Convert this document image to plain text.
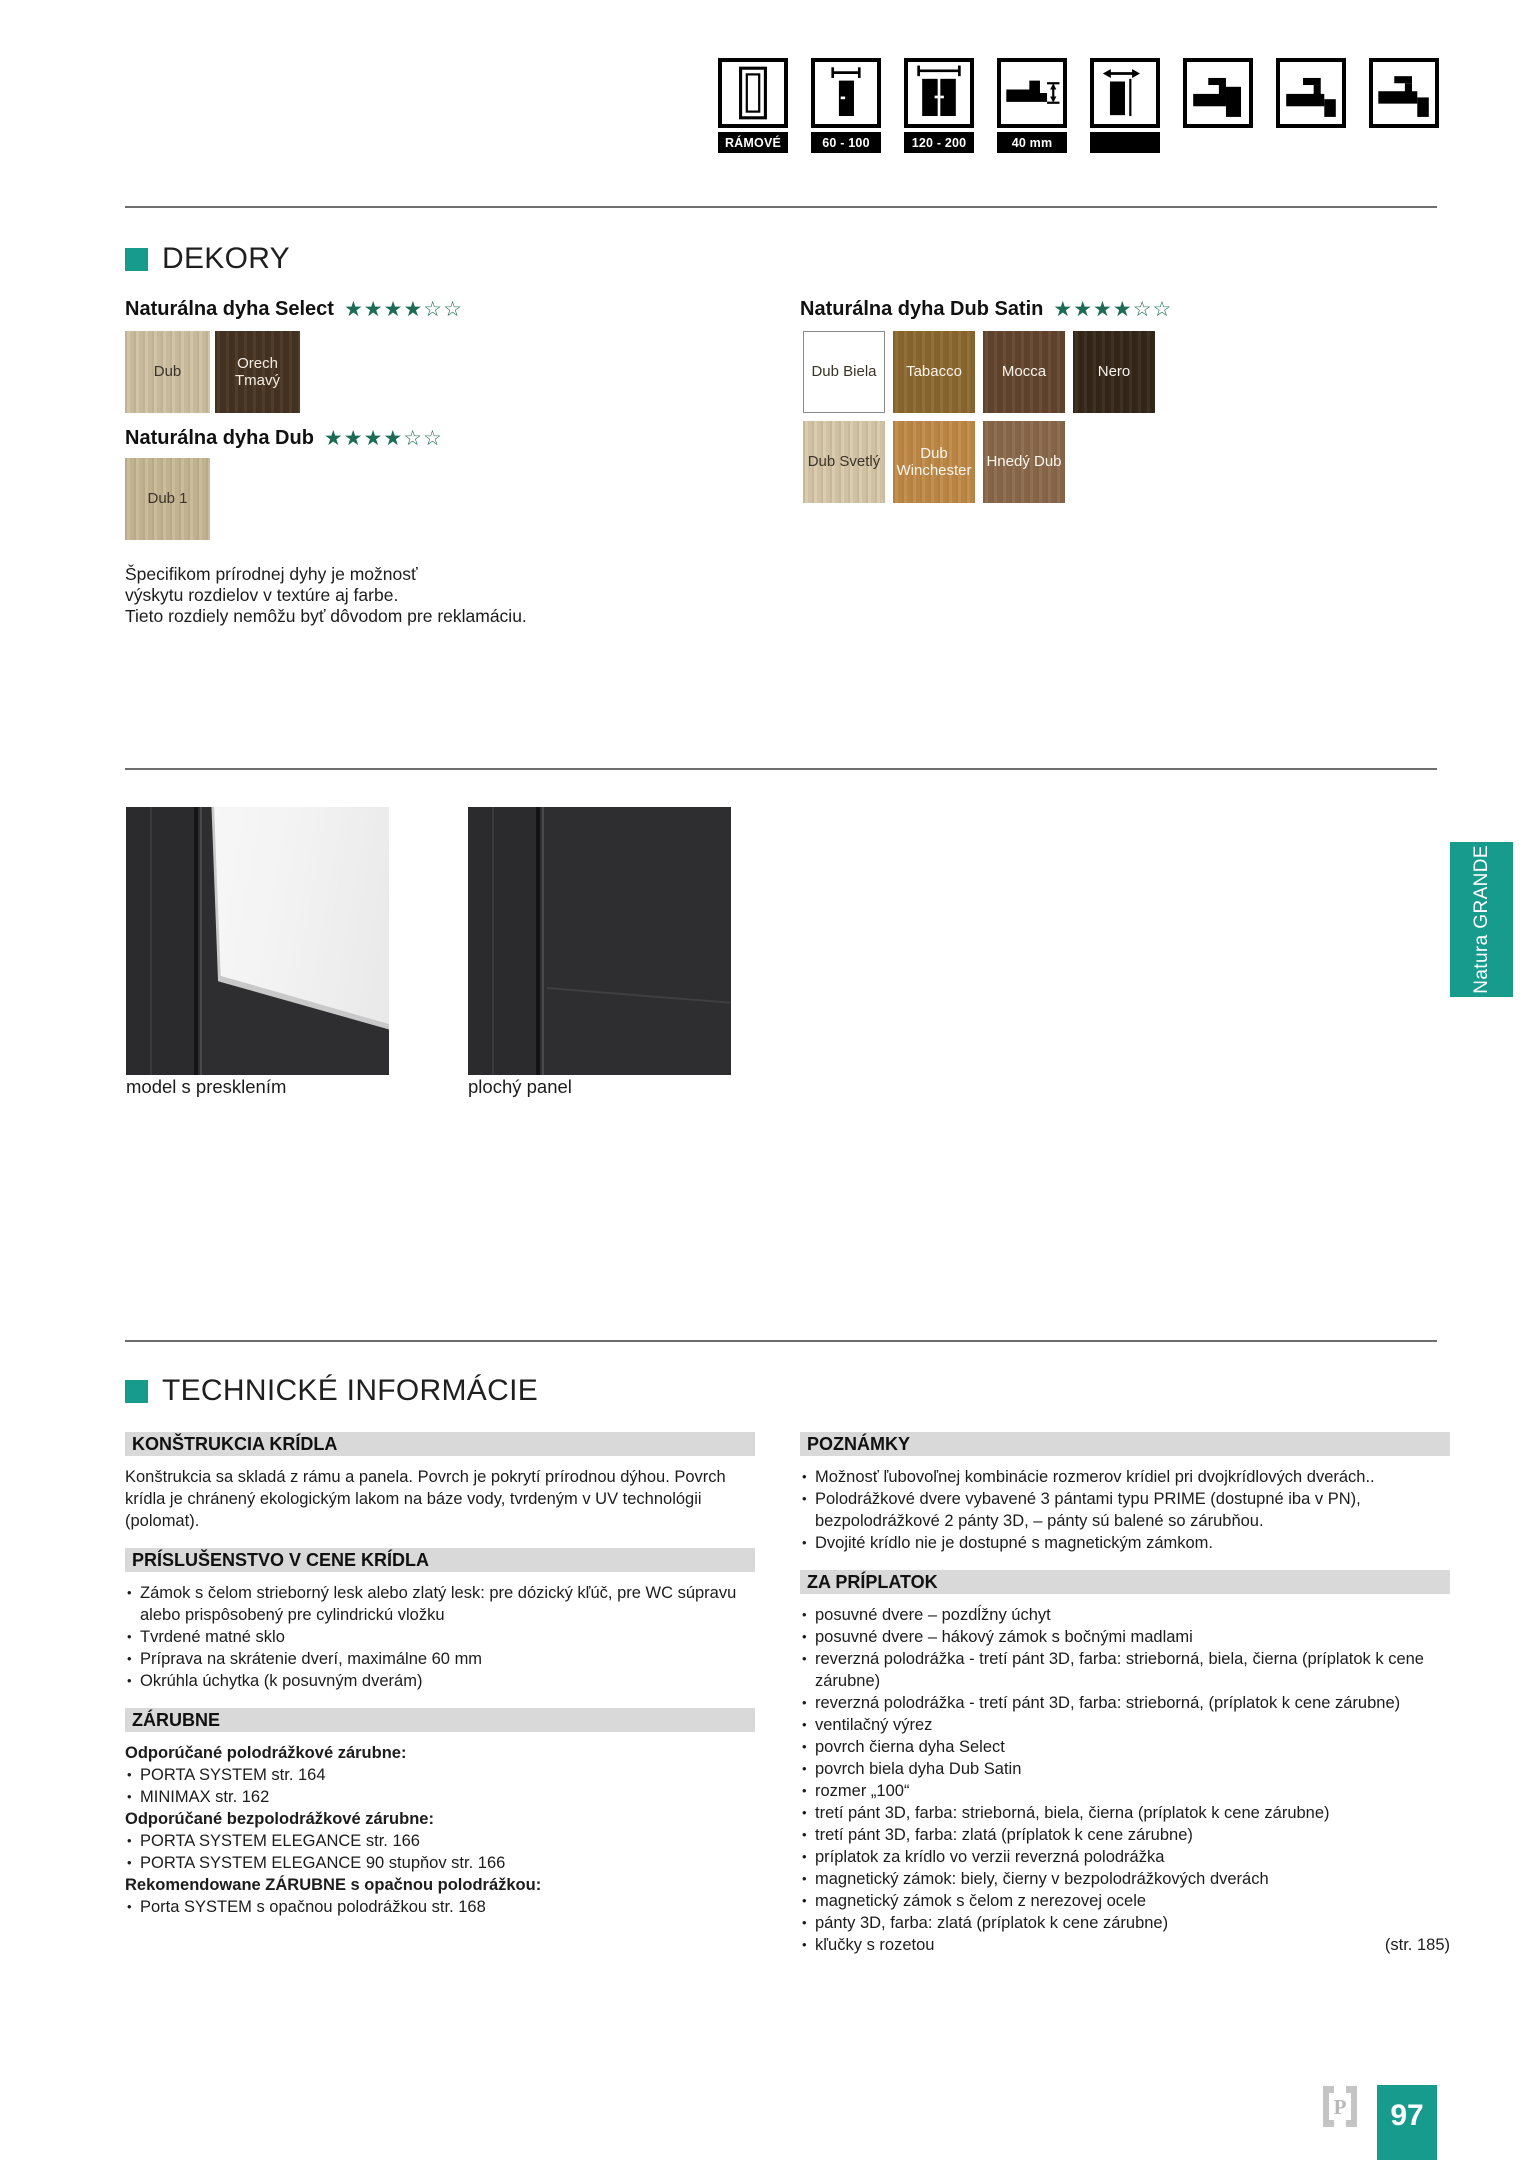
RÁMOVÉ	60 - 100	120 - 200	40 mm
DEKORY
Naturálna dyha Select ★★★★☆☆
Dub
Orech Tmavý
Naturálna dyha Dub ★★★★☆☆
Dub 1
Naturálna dyha Dub Satin ★★★★☆☆
Dub Biela Tabacco	Mocca	Nero
Dub Svetlý
Dub Winchester
Hnedý Dub
Špecifikom prírodnej dyhy je možnosť
výskytu rozdielov v textúre aj farbe.
Tieto rozdiely nemôžu byť dôvodom pre reklamáciu.
model s presklením	plochý panel
Natura GRANDE
TECHNICKÉ INFORMÁCIE
KONŠTRUKCIA KRÍDLA

Konštrukcia sa skladá z rámu a panela. Povrch je pokrytí prírodnou dýhou. Povrch krídla je chránený ekologickým lakom na báze vody, tvrdeným v UV technológii (polomat).

PRÍSLUŠENSTVO V CENE KRÍDLA
• Zámok s čelom strieborný lesk alebo zlatý lesk: pre dózický kľúč, pre WC súpravu alebo prispôsobený pre cylindrickú vložku
• Tvrdené matné sklo
• Príprava na skrátenie dverí, maximálne 60 mm
• Okrúhla úchytka (k posuvným dverám)
ZÁRUBNE
Odporúčané polodrážkové zárubne:
• PORTA SYSTEM str. 164
• MINIMAX str. 162
Odporúčané bezpolodrážkové zárubne:
• PORTA SYSTEM ELEGANCE str. 166
• PORTA SYSTEM ELEGANCE 90 stupňov str. 166
Rekomendowane ZÁRUBNE s opačnou polodrážkou:
• Porta SYSTEM s opačnou polodrážkou str. 168
POZNÁMKY
• Možnosť ľubovoľnej kombinácie rozmerov krídiel pri dvojkrídlových dverách..
• Polodrážkové dvere vybavené 3 pántami typu PRIME (dostupné iba v PN), bezpolodrážkové 2 pánty 3D, – pánty sú balené so zárubňou.
• Dvojité krídlo nie je dostupné s magnetickým zámkom.
ZA PRÍPLATOK
• posuvné dvere – pozdĺžny úchyt
• posuvné dvere – hákový zámok s bočnými madlami
• reverzná polodrážka - tretí pánt 3D, farba: strieborná, biela, čierna (príplatok k cene zárubne)
• reverzná polodrážka - tretí pánt 3D, farba: strieborná, (príplatok k cene zárubne)
• ventilačný výrez
• povrch čierna dyha Select
• povrch biela dyha Dub Satin
• rozmer „100“
• tretí pánt 3D, farba: strieborná, biela, čierna (príplatok k cene zárubne)
• tretí pánt 3D, farba: zlatá (príplatok k cene zárubne)
• príplatok za krídlo vo verzii reverzná polodrážka
• magnetický zámok: biely, čierny v bezpolodrážkových dverách
• magnetický zámok s čelom z nerezovej ocele
• pánty 3D, farba: zlatá (príplatok k cene zárubne)
• kľučky s rozetou	(str. 185)
P 97
